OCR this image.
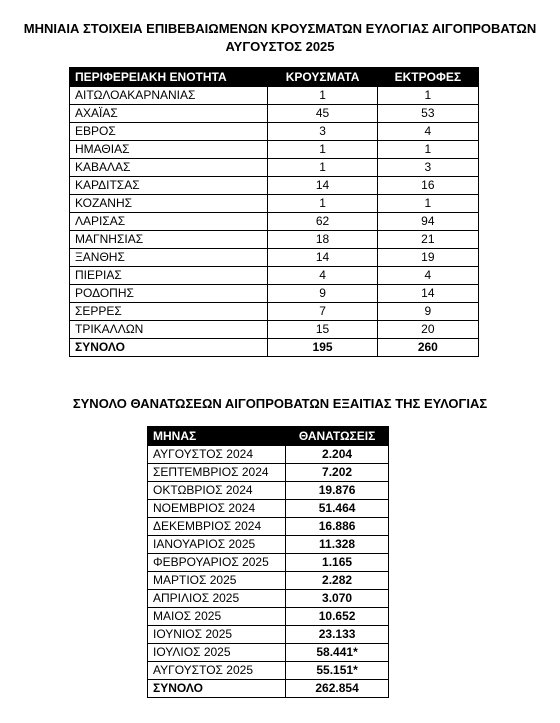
ΜΗΝΙΑΙΑ ΣΤΟΙΧΕΙΑ ΕΠΙΒΕΒΑΙΩΜΕΝΩΝ ΚΡΟΥΣΜΑΤΩΝ ΕΥΛΟΓΙΑΣ ΑΙΓΟΠΡΟΒΑΤΩΝ
ΑΥΓΟΥΣΤΟΣ 2025
ΠΕΡΙΦΕΡΕΙΑΚΗ ΕΝΟΤΗΤΑ	ΚΡΟΥΣΜΑΤΑ	ΕΚΤΡΟΦΕΣ
ΑΙΤΩΛΟΑΚΑΡΝΑΝΙΑΣ	1	1
ΑΧΑΪΑΣ	45	53
ΕΒΡΟΣ	3	4
ΗΜΑΘΙΑΣ	1	1
ΚΑΒΑΛΑΣ	1	3
ΚΑΡΔΙΤΣΑΣ	14	16
ΚΟΖΑΝΗΣ	1	1
ΛΑΡΙΣΑΣ	62	94
ΜΑΓΝΗΣΙΑΣ	18	21
ΞΑΝΘΗΣ	14	19
ΠΙΕΡΙΑΣ	4	4
ΡΟΔΟΠΗΣ	9	14
ΣΕΡΡΕΣ	7	9
ΤΡΙΚΑΛΛΩΝ	15	20
ΣΥΝΟΛΟ	195	260
ΣΥΝΟΛΟ ΘΑΝΑΤΩΣΕΩΝ ΑΙΓΟΠΡΟΒΑΤΩΝ ΕΞΑΙΤΙΑΣ ΤΗΣ ΕΥΛΟΓΙΑΣ
ΜΗΝΑΣ	ΘΑΝΑΤΩΣΕΙΣ
ΑΥΓΟΥΣΤΟΣ 2024	2.204
ΣΕΠΤΕΜΒΡΙΟΣ 2024	7.202
ΟΚΤΩΒΡΙΟΣ 2024	19.876
ΝΟΕΜΒΡΙΟΣ 2024	51.464
ΔΕΚΕΜΒΡΙΟΣ 2024	16.886
ΙΑΝΟΥΑΡΙΟΣ 2025	11.328
ΦΕΒΡΟΥΑΡΙΟΣ 2025	1.165
ΜΑΡΤΙΟΣ 2025	2.282
ΑΠΡΙΛΙΟΣ 2025	3.070
ΜΑΙΟΣ 2025	10.652
ΙΟΥΝΙΟΣ 2025	23.133
ΙΟΥΛΙΟΣ 2025	58.441*
ΑΥΓΟΥΣΤΟΣ 2025	55.151*
ΣΥΝΟΛΟ	262.854
